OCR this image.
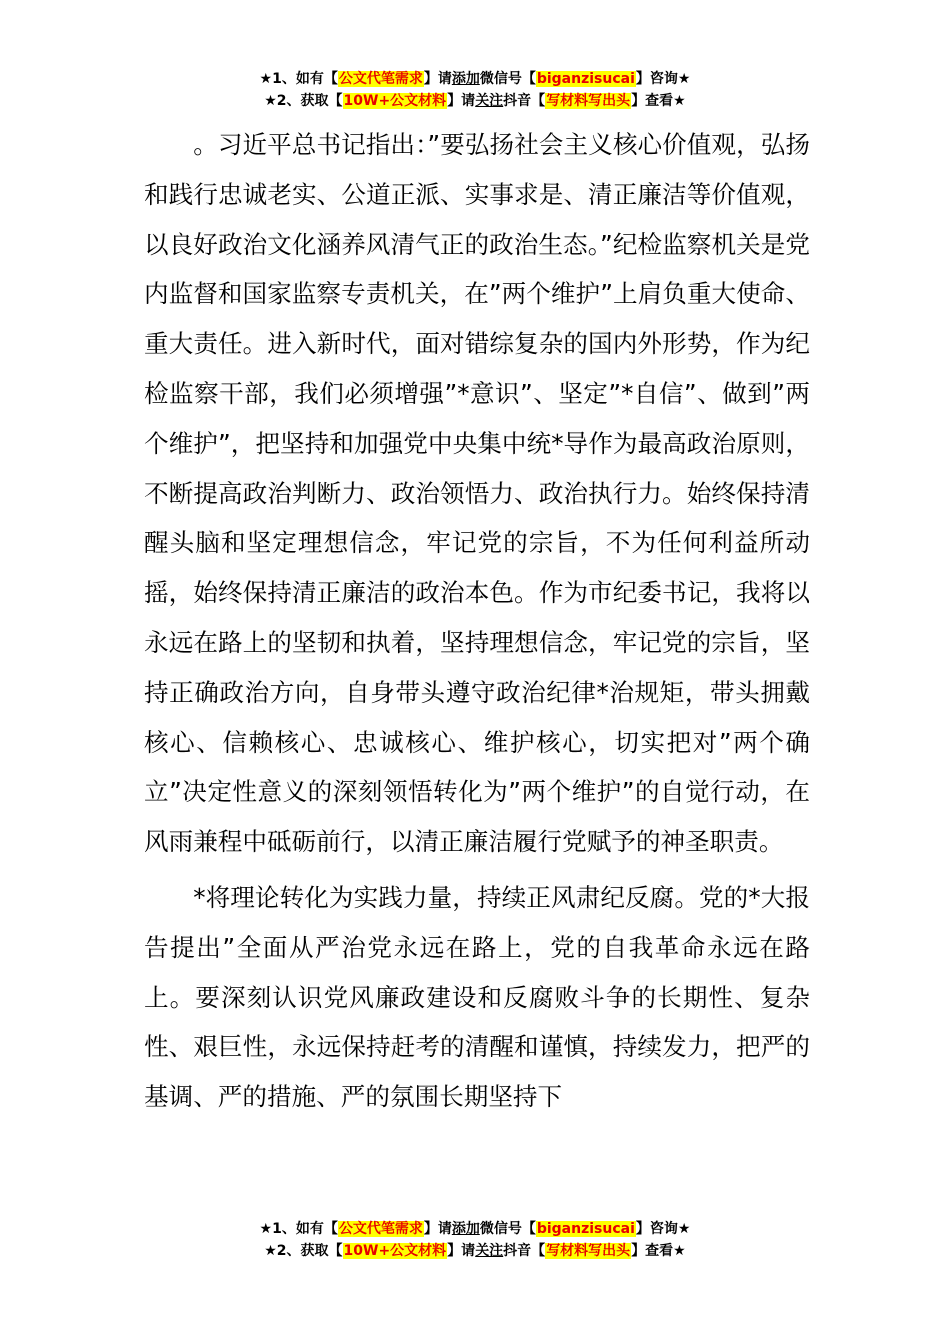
★1、如有【公文代笔需求】请添加微信号【biganzisucai】咨询★
★2、获取【10W+公文材料】请关注抖音【写材料写出头】查看★

。习近平总书记指出：”要弘扬社会主义核心价值观，弘扬和践行忠诚老实、公道正派、实事求是、清正廉洁等价值观，以良好政治文化涵养风清气正的政治生态。”纪检监察机关是党内监督和国家监察专责机关，在”两个维护”上肩负重大使命、重大责任。进入新时代，面对错综复杂的国内外形势，作为纪检监察干部，我们必须增强”*意识”、坚定”*自信”、做到”两个维护”，把坚持和加强党中央集中统*导作为最高政治原则，不断提高政治判断力、政治领悟力、政治执行力。始终保持清醒头脑和坚定理想信念，牢记党的宗旨，不为任何利益所动摇，始终保持清正廉洁的政治本色。作为市纪委书记，我将以永远在路上的坚韧和执着，坚持理想信念，牢记党的宗旨，坚持正确政治方向，自身带头遵守政治纪律*治规矩，带头拥戴核心、信赖核心、忠诚核心、维护核心，切实把对”两个确立”决定性意义的深刻领悟转化为”两个维护”的自觉行动，在风雨兼程中砥砺前行，以清正廉洁履行党赋予的神圣职责。

*将理论转化为实践力量，持续正风肃纪反腐。党的*大报告提出”全面从严治党永远在路上，党的自我革命永远在路上。要深刻认识党风廉政建设和反腐败斗争的长期性、复杂性、艰巨性，永远保持赶考的清醒和谨慎，持续发力，把严的基调、严的措施、严的氛围长期坚持下

★1、如有【公文代笔需求】请添加微信号【biganzisucai】咨询★
★2、获取【10W+公文材料】请关注抖音【写材料写出头】查看★
